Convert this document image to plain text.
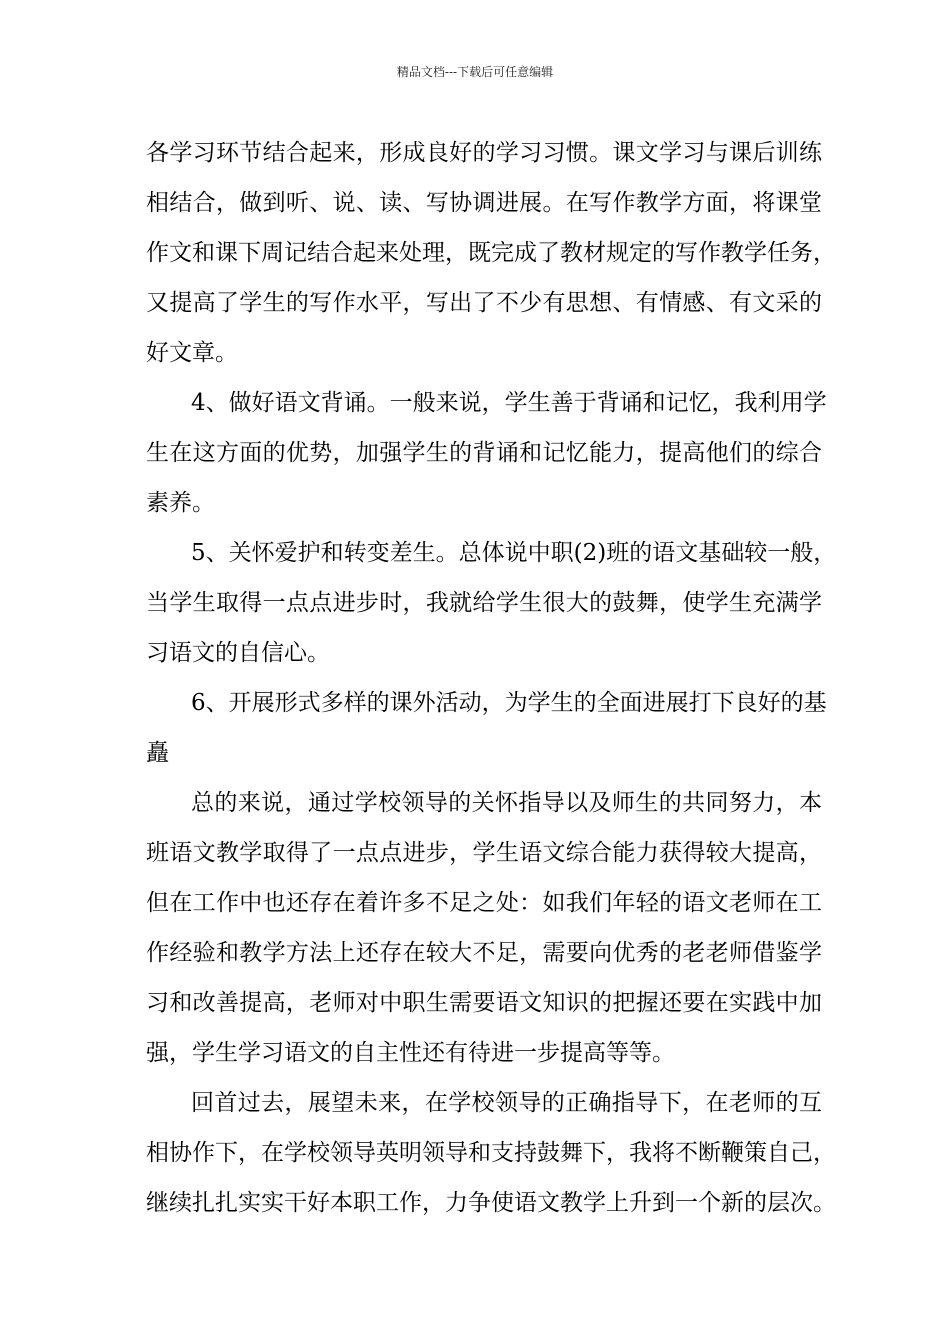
精品文档---下载后可任意编辑
各学习环节结合起来，形成良好的学习习惯。课文学习与课后训练
相结合，做到听、说、读、写协调进展。在写作教学方面，将课堂
作文和课下周记结合起来处理，既完成了教材规定的写作教学任务，
又提高了学生的写作水平，写出了不少有思想、有情感、有文采的
好文章。
4、做好语文背诵。一般来说，学生善于背诵和记忆，我利用学
生在这方面的优势，加强学生的背诵和记忆能力，提高他们的综合
素养。
5、关怀爱护和转变差生。总体说中职(2)班的语文基础较一般，
当学生取得一点点进步时，我就给学生很大的鼓舞，使学生充满学
习语文的自信心。
6、开展形式多样的课外活动，为学生的全面进展打下良好的基
矗
总的来说，通过学校领导的关怀指导以及师生的共同努力，本
班语文教学取得了一点点进步，学生语文综合能力获得较大提高，
但在工作中也还存在着许多不足之处：如我们年轻的语文老师在工
作经验和教学方法上还存在较大不足，需要向优秀的老老师借鉴学
习和改善提高，老师对中职生需要语文知识的把握还要在实践中加
强，学生学习语文的自主性还有待进一步提高等等。
回首过去，展望未来，在学校领导的正确指导下，在老师的互
相协作下，在学校领导英明领导和支持鼓舞下，我将不断鞭策自己，
继续扎扎实实干好本职工作，力争使语文教学上升到一个新的层次。
